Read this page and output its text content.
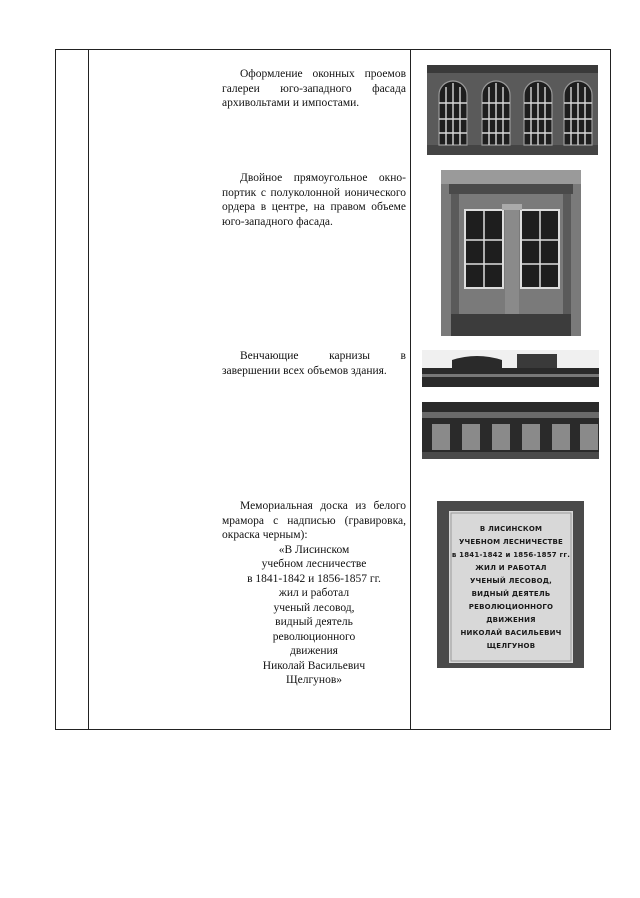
Оформление оконных проемов галереи юго-западного фасада архивольтами и импостами.
Двойное прямоугольное окно-портик с полуколонной ионического ордера в центре, на правом объеме юго-западного фасада.
Венчающие карнизы в завершении всех объемов здания.
Мемориальная доска из белого мрамора с надписью (гравировка, окраска черным):
«В Лисинском
учебном лесничестве
в 1841-1842 и 1856-1857 гг.
жил и работал
ученый лесовод,
видный деятель
революционного
движения
Николай Васильевич
Щелгунов»
В ЛИСИНСКОМ
УЧЕБНОМ ЛЕСНИЧЕСТВЕ
в 1841-1842 и 1856-1857 гг.
ЖИЛ И РАБОТАЛ
УЧЕНЫЙ ЛЕСОВОД,
ВИДНЫЙ ДЕЯТЕЛЬ
РЕВОЛЮЦИОННОГО
ДВИЖЕНИЯ
НИКОЛАЙ ВАСИЛЬЕВИЧ
ЩЕЛГУНОВ
